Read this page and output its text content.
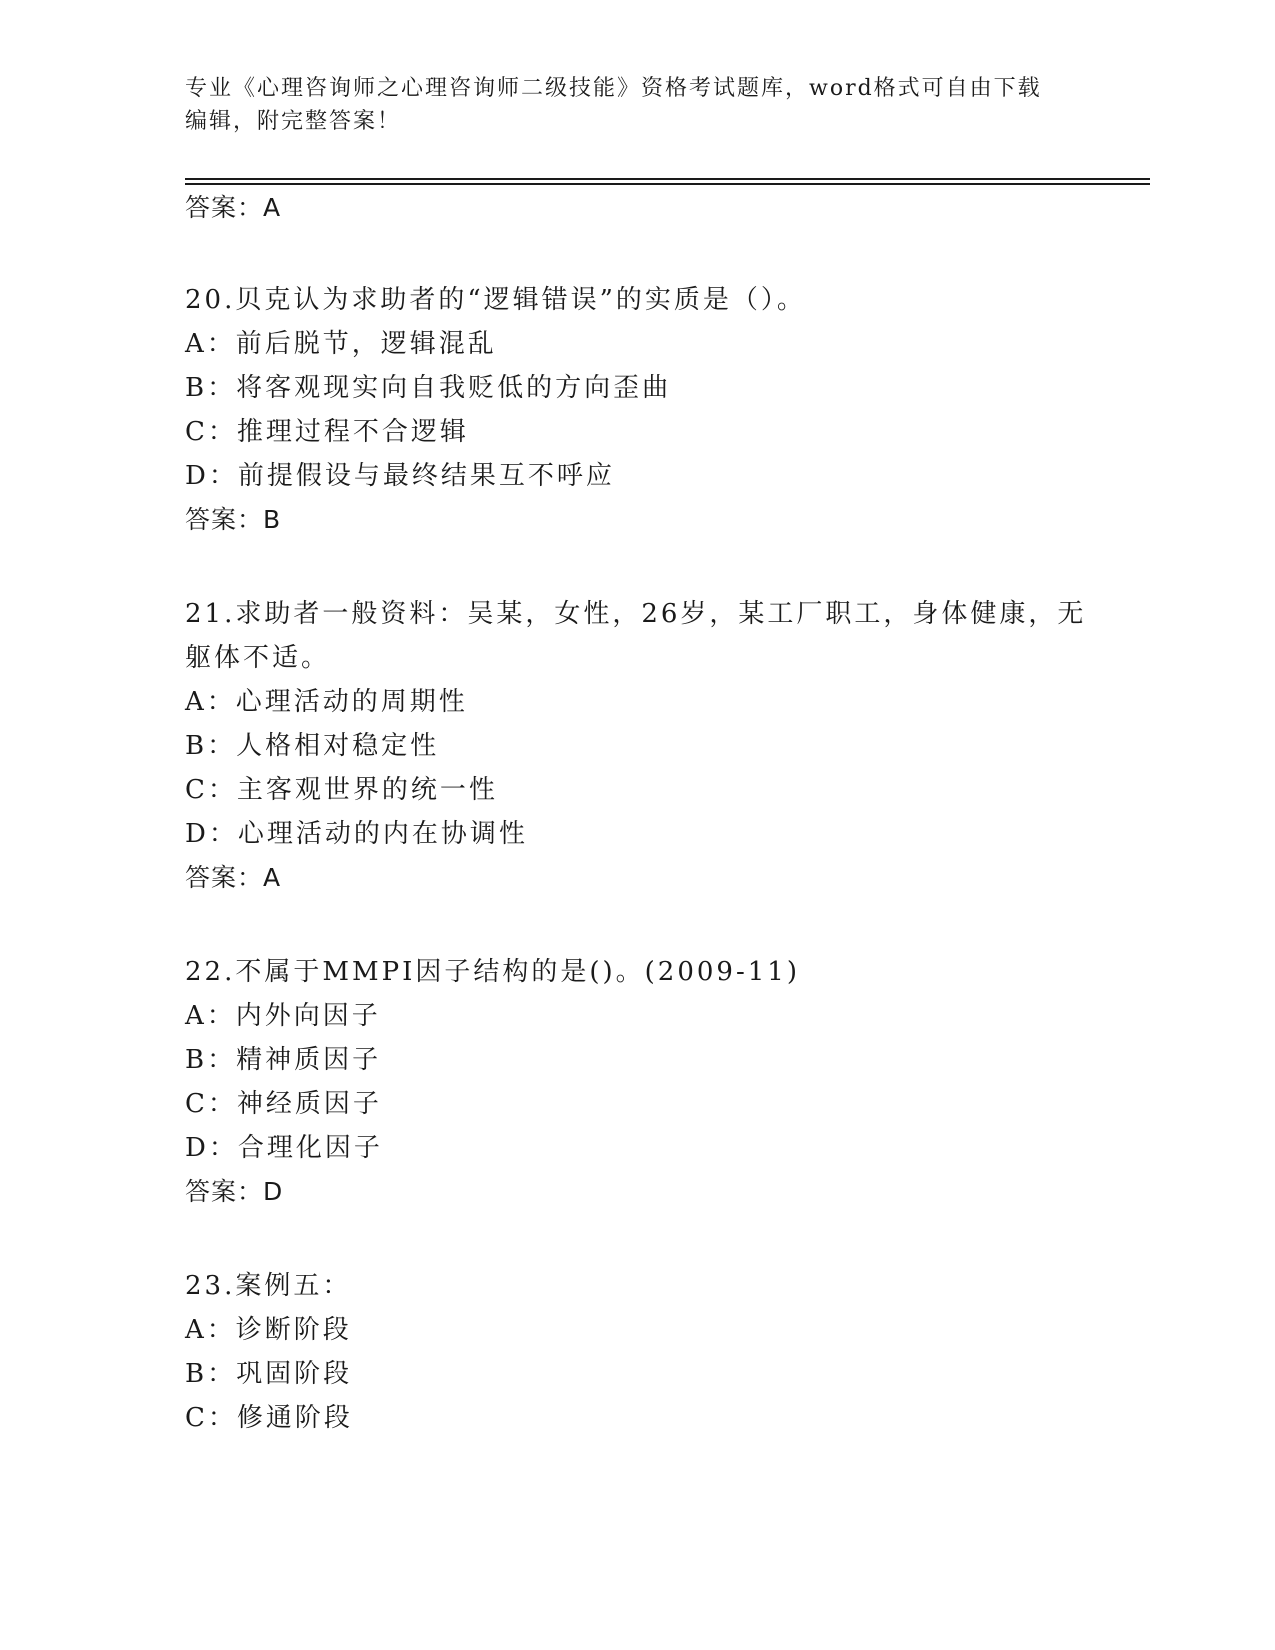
专业《心理咨询师之心理咨询师二级技能》资格考试题库，word格式可自由下载
编辑，附完整答案！
答案：A
20.贝克认为求助者的“逻辑错误”的实质是（）。
A：前后脱节，逻辑混乱
B：将客观现实向自我贬低的方向歪曲
C：推理过程不合逻辑
D：前提假设与最终结果互不呼应
答案：B
21.求助者一般资料：吴某，女性，26岁，某工厂职工，身体健康，无
躯体不适。
A：心理活动的周期性
B：人格相对稳定性
C：主客观世界的统一性
D：心理活动的内在协调性
答案：A
22.不属于MMPI因子结构的是()。(2009-11)
A：内外向因子
B：精神质因子
C：神经质因子
D：合理化因子
答案：D
23.案例五：
A：诊断阶段
B：巩固阶段
C：修通阶段
